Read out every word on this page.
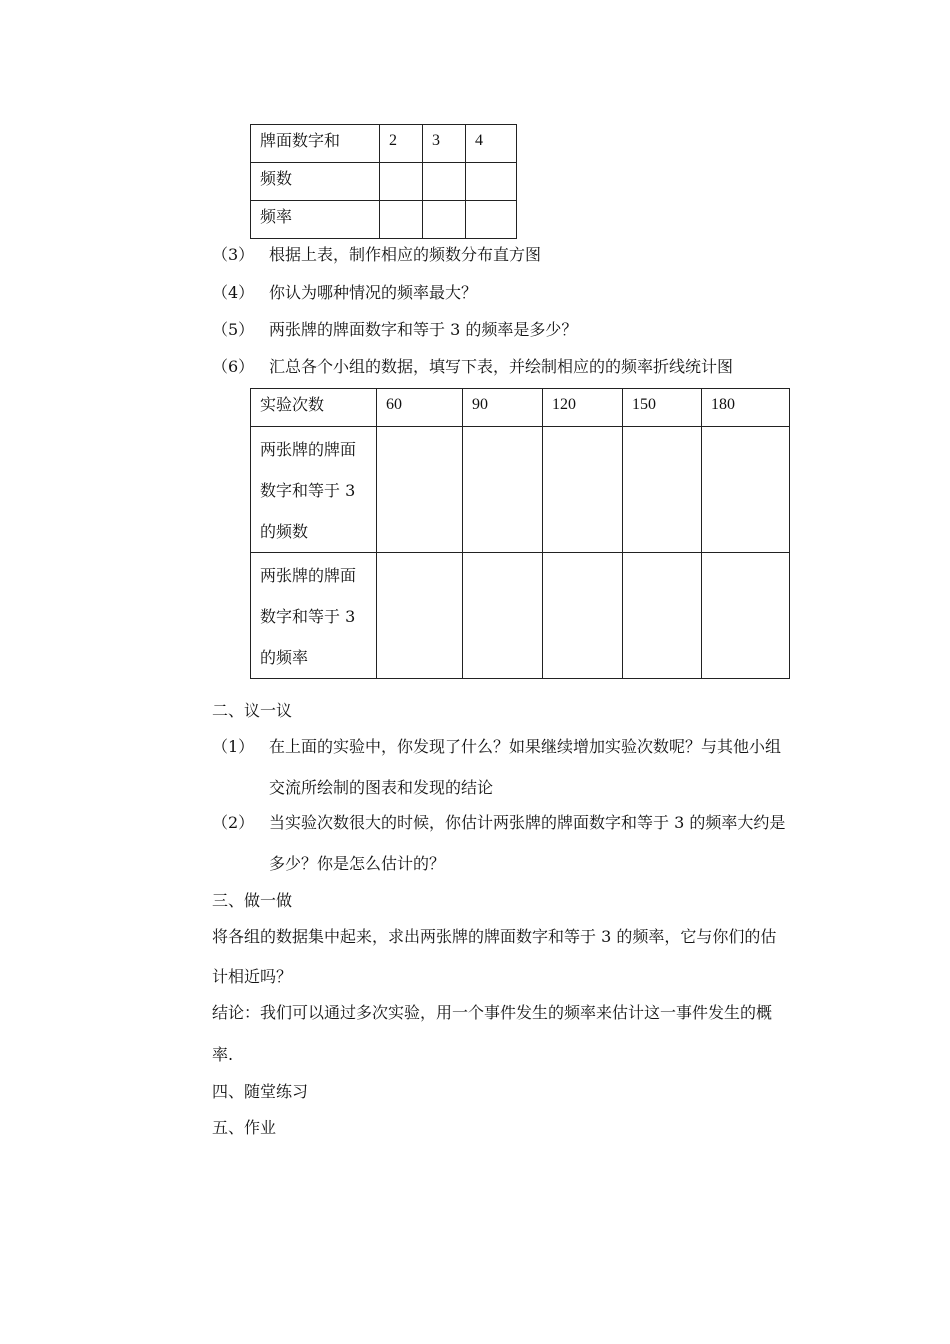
牌面数字和	2	3	4

频数			

频率			

（3） 根据上表，制作相应的频数分布直方图
（4） 你认为哪种情况的频率最大？
（5） 两张牌的牌面数字和等于 3 的频率是多少？
（6） 汇总各个小组的数据，填写下表，并绘制相应的的频率折线统计图
实验次数	60	90	120	150	180

两张牌的牌面
数字和等于 3
的频数					

两张牌的牌面
数字和等于 3
的频率					

二、议一议
（1） 在上面的实验中，你发现了什么？如果继续增加实验次数呢？与其他小组
交流所绘制的图表和发现的结论
（2） 当实验次数很大的时候，你估计两张牌的牌面数字和等于 3 的频率大约是
多少？你是怎么估计的？
三、做一做
将各组的数据集中起来，求出两张牌的牌面数字和等于 3 的频率，它与你们的估
计相近吗？
结论：我们可以通过多次实验，用一个事件发生的频率来估计这一事件发生的概
率.
四、随堂练习
五、作业
